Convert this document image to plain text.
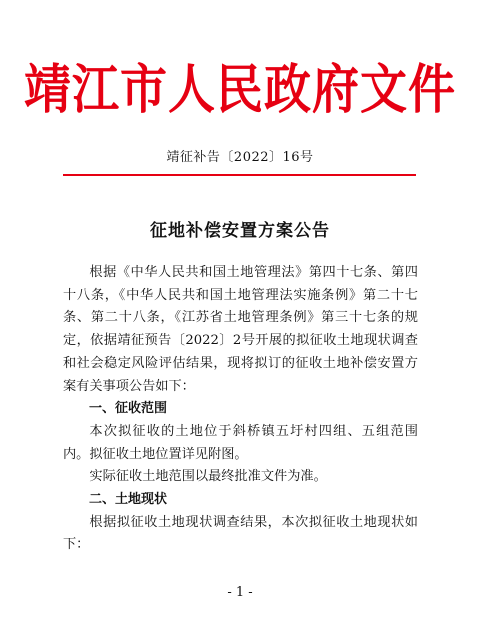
靖江市人民政府文件
靖征补告〔2022〕16号
征地补偿安置方案公告

根据《中华人民共和国土地管理法》第四十七条、第四十八条，《中华人民共和国土地管理法实施条例》第二十七条、第二十八条，《江苏省土地管理条例》第三十七条的规定，依据靖征预告〔2022〕2号开展的拟征收土地现状调查和社会稳定风险评估结果，现将拟订的征收土地补偿安置方案有关事项公告如下：

一、征收范围

本次拟征收的土地位于斜桥镇五圩村四组、五组范围内。拟征收土地位置详见附图。

实际征收土地范围以最终批准文件为准。

二、土地现状

根据拟征收土地现状调查结果，本次拟征收土地现状如下：

- 1 -
